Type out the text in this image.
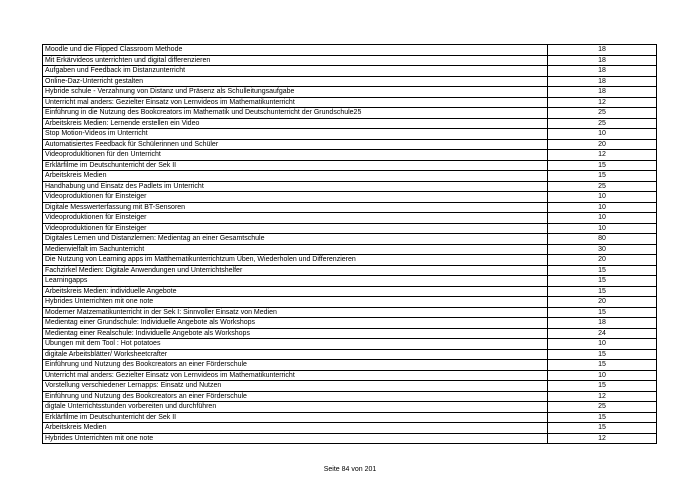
Moodle und die Flipped Classroom Methode	18
Mit Erkärvideos unterrichten und digital differenzieren	18
Aufgaben und Feedback im Distanzunterricht	18
Online-Daz-Unterricht gestalten	18
Hybride schule - Verzahnung von Distanz und Präsenz als Schulleitungsaufgabe	18
Unterricht mal anders: Gezielter Einsatz von Lernvideos im Mathematikunterricht	12
Einführung in die Nutzung des Bookcreators im Mathematik und Deutschunterricht der Grundschule25	25
Arbeitskreis Medien: Lernende erstellen ein Video	25
Stop Motion-Videos im Unterricht	10
Automatisiertes Feedback für Schülerinnen und Schüler	20
Videoprodukltionen für den Unterricht	12
Erklärfilme im Deutschunterricht der Sek II	15
Arbeitskreis Medien	15
Handhabung und Einsatz des Padlets im Unterricht	25
Videoproduktionen für Einsteiger	10
Digitale Messwerterfassung mit BT-Sensoren	10
Videoproduktionen für Einsteiger	10
Videoproduktionen für Einsteiger	10
Digitales Lernen und Distanzlernen: Medientag an einer Gesamtschule	80
Medienvielfalt im Sachunterricht	30
Die Nutzung von Learning apps im Matthematikunterrichtzum Üben, Wiederholen und Differenzieren	20
Fachzirkel Medien: Digitale Anwendungen und Unterrichtshelfer	15
Learningapps	15
Arbeitskreis Medien: individuelle Angebote	15
Hybrides Unterrichten mit one note	20
Moderner Matzematikunterricht in der Sek I: Sinnvoller Einsatz von Medien	15
Medientag einer Grundschule: Individuelle Angebote als Workshops	18
Medientag einer Realschule: Individuelle Angebote als Workshops	24
Übungen mit dem Tool : Hot potatoes	10
digitale Arbeitsblätter/ Worksheetcrafter	15
Einführung und Nutzung des Bookcreators an einer Förderschule	15
Unterricht mal anders: Gezielter Einsatz von Lernvideos im Mathematikunterricht	10
Vorstellung verschiedener Lernapps: Einsatz und Nutzen	15
Einführung und Nutzung des Bookcreators an einer Förderschule	12
digtale Unterrichtsstunden vorbereiten und durchführen	25
Erklärfilme im Deutschunterricht der Sek II	15
Arbeitskreis Medien	15
Hybrides Unterrichten mit one note	12
Seite 84 von 201
